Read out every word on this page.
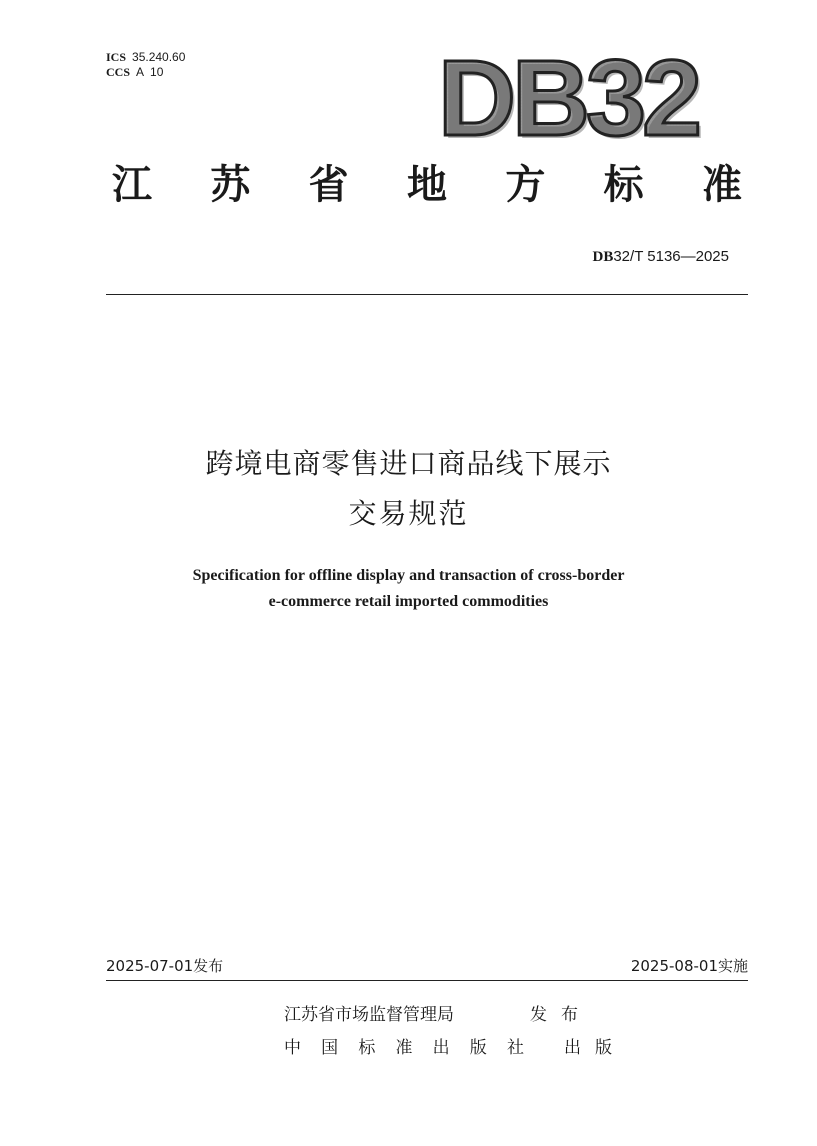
ICS 35.240.60
CCS A  10	DB32
江 苏 省 地 方 标 准
DB32/T 5136—2025
跨境电商零售进口商品线下展示
交易规范
Specification for offline display and transaction of cross-border
e-commerce retail imported commodities
2025-07-01发布	2025-08-01实施
江苏省市场监督管理局	发 布
中 国 标 准 出 版 社 出 版
